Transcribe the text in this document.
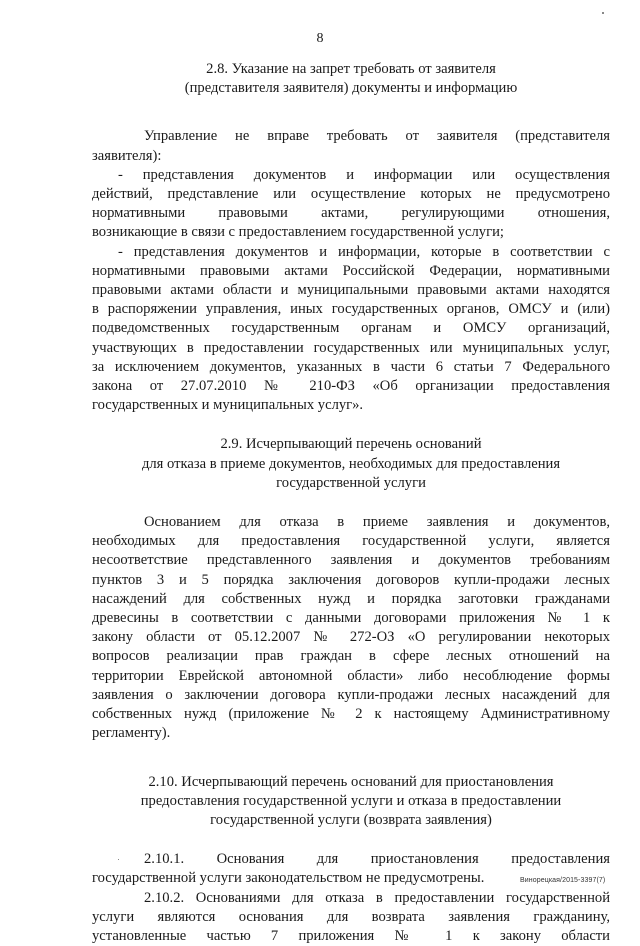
8
2.8. Указание на запрет требовать от заявителя
(представителя заявителя) документы и информацию
Управление не вправе требовать от заявителя (представителя
заявителя):
- представления документов и информации или осуществления
действий, представление или осуществление которых не предусмотрено
нормативными правовыми актами, регулирующими отношения,
возникающие в связи с предоставлением государственной услуги;
- представления документов и информации, которые в соответствии с
нормативными правовыми актами Российской Федерации, нормативными
правовыми актами области и муниципальными правовыми актами находятся
в распоряжении управления, иных государственных органов, ОМСУ и (или)
подведомственных государственным органам и ОМСУ организаций,
участвующих в предоставлении государственных или муниципальных услуг,
за исключением документов, указанных в части 6 статьи 7 Федерального
закона от 27.07.2010 № 210-ФЗ «Об организации предоставления
государственных и муниципальных услуг».
2.9. Исчерпывающий перечень оснований
для отказа в приеме документов, необходимых для предоставления
государственной услуги
Основанием для отказа в приеме заявления и документов,
необходимых для предоставления государственной услуги, является
несоответствие представленного заявления и документов требованиям
пунктов 3 и 5 порядка заключения договоров купли-продажи лесных
насаждений для собственных нужд и порядка заготовки гражданами
древесины в соответствии с данными договорами приложения № 1 к
закону области от 05.12.2007 № 272-ОЗ «О регулировании некоторых
вопросов реализации прав граждан в сфере лесных отношений на
территории Еврейской автономной области» либо несоблюдение формы
заявления о заключении договора купли-продажи лесных насаждений для
собственных нужд (приложение № 2 к настоящему Административному
регламенту).
2.10. Исчерпывающий перечень оснований для приостановления
предоставления государственной услуги и отказа в предоставлении
государственной услуги (возврата заявления)
2.10.1. Основания для приостановления предоставления
государственной услуги законодательством не предусмотрены.
2.10.2. Основаниями для отказа в предоставлении государственной
услуги являются основания для возврата заявления гражданину,
установленные частью 7 приложения № 1 к закону области
Винорецкая/2015-3397(7)
